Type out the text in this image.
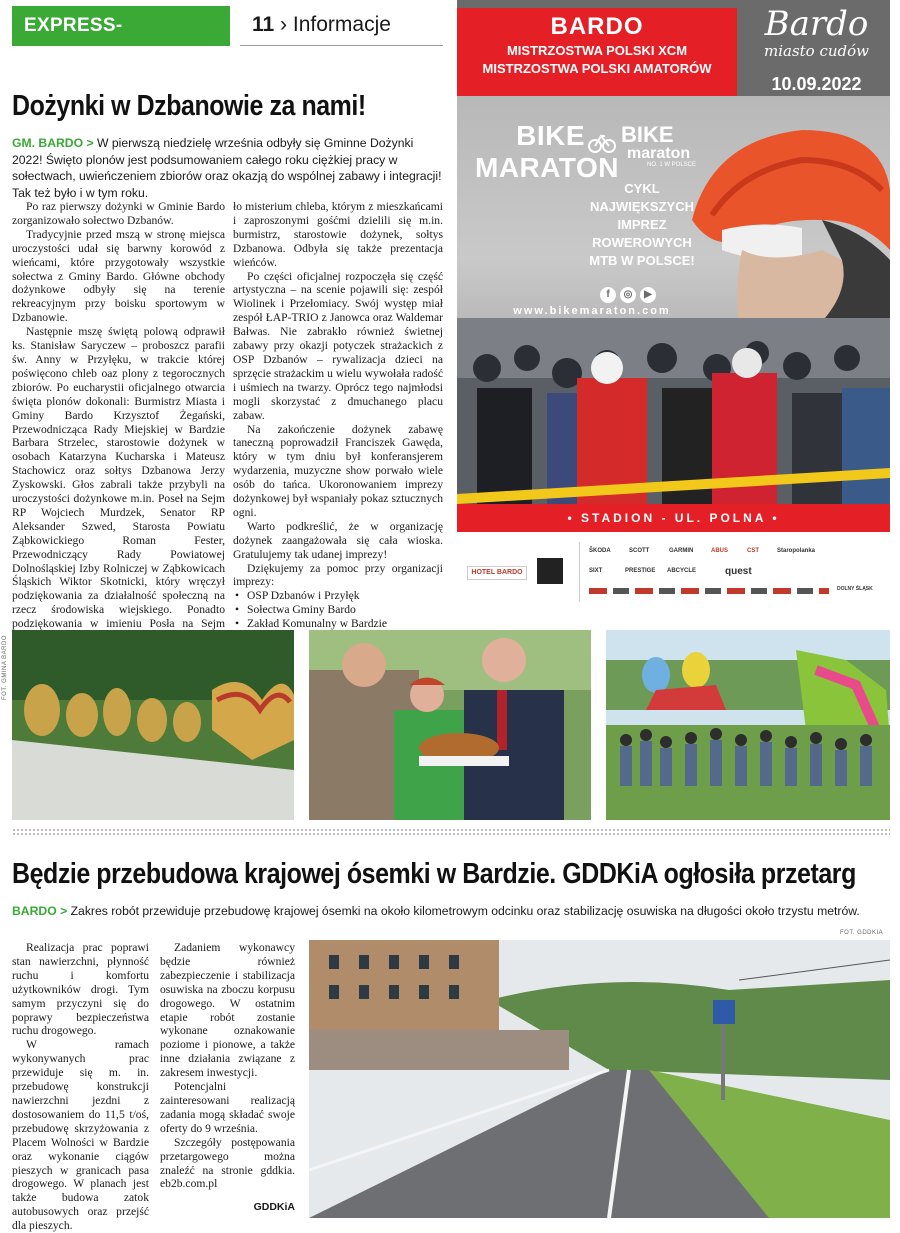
EXPRESS-MIEJSKI.PL
11 › Informacje
Dożynki w Dzbanowie za nami!
GM. BARDO > W pierwszą niedzielę września odbyły się Gminne Dożynki 2022! Święto plonów jest podsumowaniem całego roku ciężkiej pracy w sołectwach, uwieńczeniem zbiorów oraz okazją do wspólnej zabawy i integracji! Tak też było i w tym roku.

Po raz pierwszy dożynki w Gminie Bardo zorganizowało sołectwo Dzbanów.

Tradycyjnie przed mszą w stronę miejsca uroczystości udał się barwny korowód z wieńcami, które przygotowały wszystkie sołectwa z Gminy Bardo. Główne obchody dożynkowe odbyły się na terenie rekreacyjnym przy boisku sportowym w Dzbanowie.

Następnie mszę świętą polową odprawił ks. Stanisław Saryczew – proboszcz parafii św. Anny w Przyłęku, w trakcie której poświęcono chleb oaz plony z tegorocznych zbiorów. Po eucharystii oficjalnego otwarcia święta plonów dokonali: Burmistrz Miasta i Gminy Bardo Krzysztof Żegański, Przewodnicząca Rady Miejskiej w Bardzie Barbara Strzelec, starostowie dożynek w osobach Katarzyna Kucharska i Mateusz Stachowicz oraz sołtys Dzbanowa Jerzy Zyskowski. Głos zabrali także przybyli na uroczystości dożynkowe m.in. Poseł na Sejm RP Wojciech Murdzek, Senator RP Aleksander Szwed, Starosta Powiatu Ząbkowickiego Roman Fester, Przewodniczący Rady Powiatowej Dolnośląskiej Izby Rolniczej w Ząbkowicach Śląskich Wiktor Skotnicki, który wręczył podziękowania za działalność społeczną na rzecz środowiska wiejskiego. Ponadto podziękowania w imieniu Posła na Sejm

ło misterium chleba, którym z mieszkańcami i zaproszonymi gośćmi dzielili się m.in. burmistrz, starostowie dożynek, sołtys Dzbanowa. Odbyła się także prezentacja wieńców.

Po części oficjalnej rozpoczęła się część artystyczna – na scenie pojawili się: zespół Wiolinek i Przełomiacy. Swój występ miał zespół ŁAP-TRIO z Janowca oraz Waldemar Bałwas. Nie zabrakło również świetnej zabawy przy okazji potyczek strażackich z OSP Dzbanów – rywalizacja dzieci na sprzęcie strażackim u wielu wywołała radość i uśmiech na twarzy. Oprócz tego najmłodsi mogli skorzystać z dmuchanego placu zabaw.

Na zakończenie dożynek zabawę taneczną poprowadził Franciszek Gawęda, który w tym dniu był konferansjerem wydarzenia, muzyczne show porwało wiele osób do tańca. Ukoronowaniem imprezy dożynkowej był wspaniały pokaz sztucznych ogni.

Warto podkreślić, że w organizację dożynek zaangażowała się cała wioska. Gratulujemy tak udanej imprezy!

Dziękujemy za pomoc przy organizacji imprezy:

• OSP Dzbanów i Przyłęk
• Sołectwa Gminy Bardo
• Zakład Komunalny w Bardzie
BARDO
MISTRZOSTWA POLSKI XCM
MISTRZOSTWA POLSKI AMATORÓW
Bardo
miasto cudów
10.09.2022
BIKE MARATON
BIKE
maraton
NO. 1 W POLSCE
CYKL NAJWIĘKSZYCH IMPREZ ROWEROWYCH MTB W POLSCE!
f ◎ ▶
www.bikemaraton.com
• STADION - UL. POLNA •
HOTEL BARDO
ŠKODA	SCOTT	GARMIN	ABUS	CST	Staropolanka
SIXT	PRESTIGE ABCYCLE	quest
DOLNY ŚLĄSK
FOT. GMINA BARDO
Będzie przebudowa krajowej ósemki w Bardzie. GDDKiA ogłosiła przetarg
BARDO > Zakres robót przewiduje przebudowę krajowej ósemki na około kilometrowym odcinku oraz stabilizację osuwiska na długości około trzystu metrów.

Realizacja prac poprawi stan nawierzchni, płynność ruchu i komfortu użytkowników drogi. Tym samym przyczyni się do poprawy bezpieczeństwa ruchu drogowego.

W ramach wykonywanych prac przewiduje się m. in. przebudowę konstrukcji nawierzchni jezdni z dostosowaniem do 11,5 t/oś, przebudowę skrzyżowania z Placem Wolności w Bardzie oraz wykonanie ciągów pieszych w granicach pasa drogowego. W planach jest także budowa zatok autobusowych oraz przejść dla pieszych.

Zadaniem wykonawcy będzie również zabezpieczenie i stabilizacja osuwiska na zboczu korpusu drogowego. W ostatnim etapie robót zostanie wykonane oznakowanie poziome i pionowe, a także inne działania związane z zakresem inwestycji.

Potencjalni zainteresowani realizacją zadania mogą składać swoje oferty do 9 września.

Szczegóły postępowania przetargowego można znaleźć na stronie gddkia. eb2b.com.pl

GDDKiA
FOT. GDDKIA
